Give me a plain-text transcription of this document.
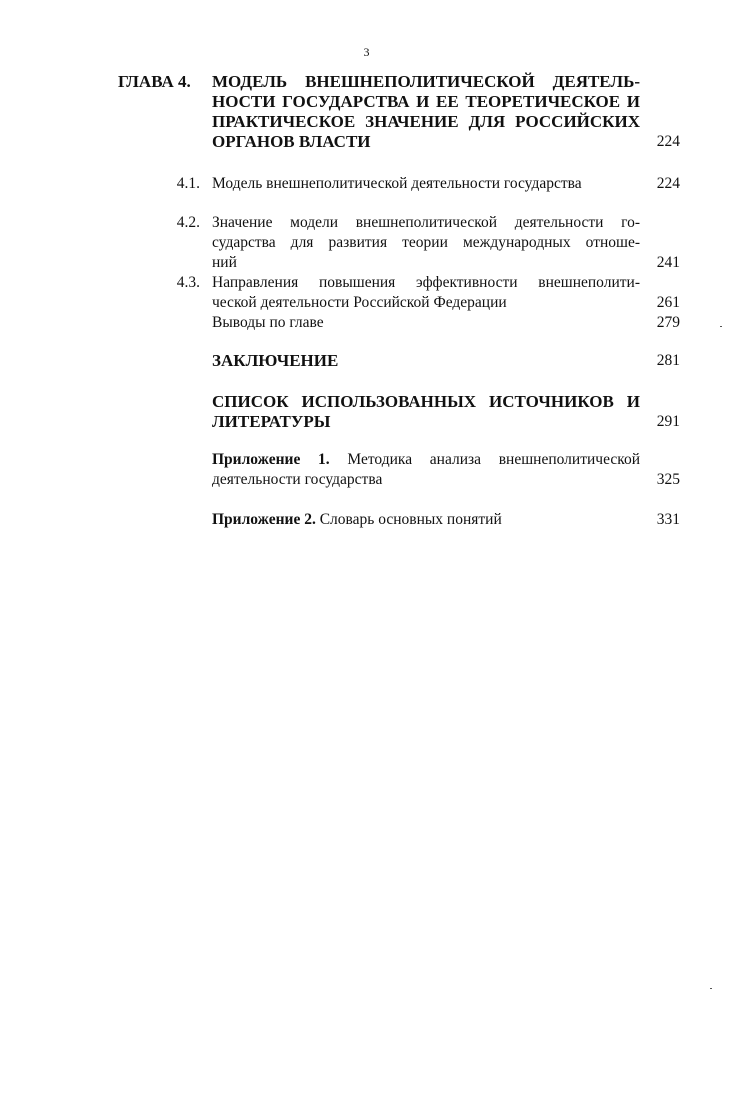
3
ГЛАВА 4. МОДЕЛЬ ВНЕШНЕПОЛИТИЧЕСКОЙ ДЕЯТЕЛЬ-
НОСТИ ГОСУДАРСТВА И ЕЕ ТЕОРЕТИЧЕСКОЕ И
ПРАКТИЧЕСКОЕ ЗНАЧЕНИЕ ДЛЯ РОССИЙСКИХ
ОРГАНОВ ВЛАСТИ	224
4.1. Модель внешнеполитической деятельности государства	224
4.2. Значение модели внешнеполитической деятельности го-
сударства для развития теории международных отноше-
ний	241
4.3. Направления повышения эффективности внешнеполити-
ческой деятельности Российской Федерации	261
Выводы по главе	279
ЗАКЛЮЧЕНИЕ	281
СПИСОК ИСПОЛЬЗОВАННЫХ ИСТОЧНИКОВ И
ЛИТЕРАТУРЫ	291
Приложение 1. Методика анализа внешнеполитической
деятельности государства	325
Приложение 2. Словарь основных понятий	331
